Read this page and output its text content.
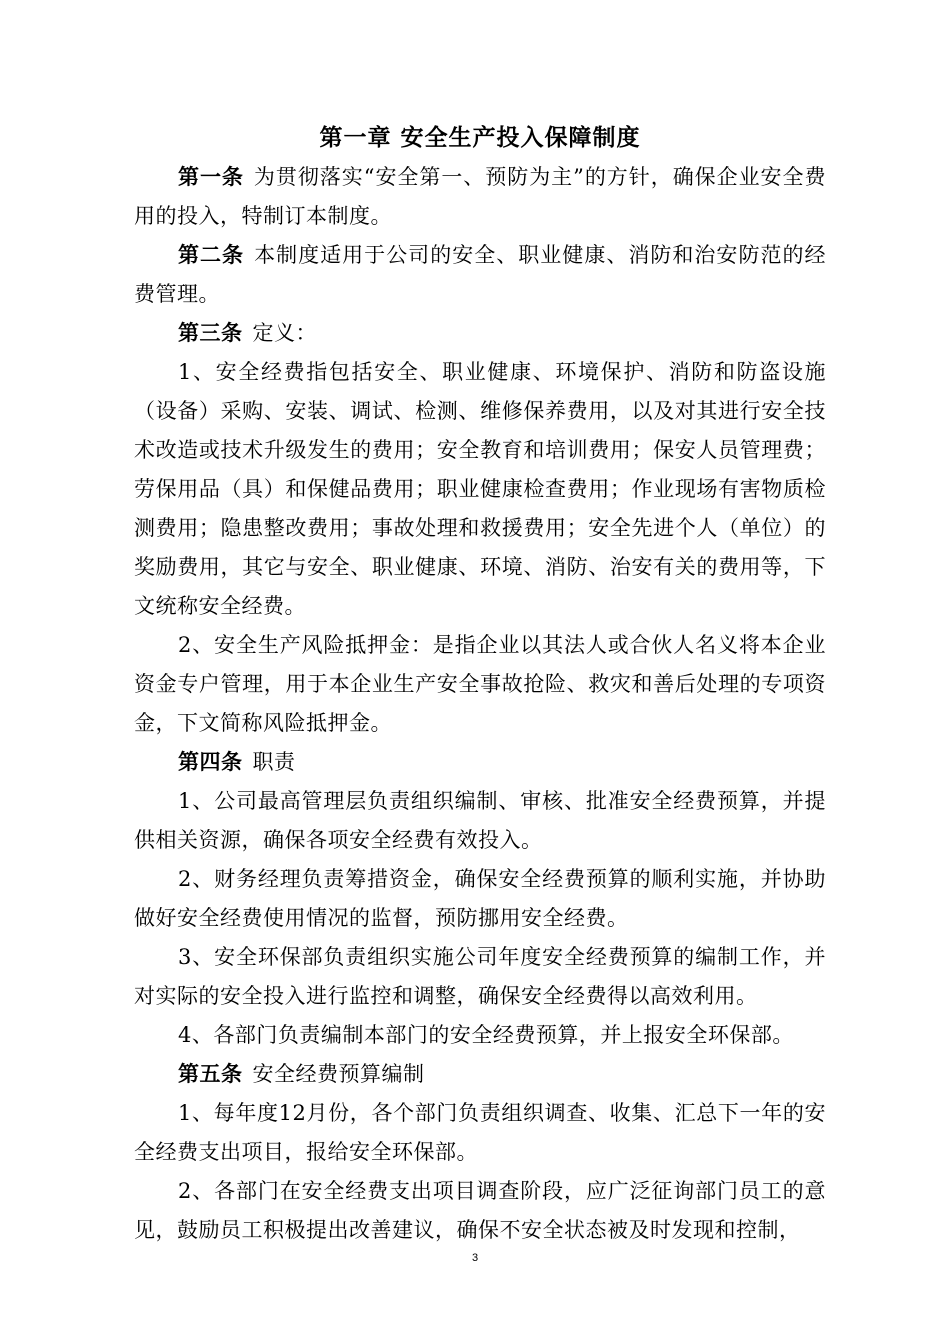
第一章 安全生产投入保障制度

第一条 为贯彻落实“安全第一、预防为主”的方针，确保企业安全费用的投入，特制订本制度。

第二条 本制度适用于公司的安全、职业健康、消防和治安防范的经费管理。

第三条 定义：

1、安全经费指包括安全、职业健康、环境保护、消防和防盗设施（设备）采购、安装、调试、检测、维修保养费用，以及对其进行安全技术改造或技术升级发生的费用；安全教育和培训费用；保安人员管理费；劳保用品（具）和保健品费用；职业健康检查费用；作业现场有害物质检测费用；隐患整改费用；事故处理和救援费用；安全先进个人（单位）的奖励费用，其它与安全、职业健康、环境、消防、治安有关的费用等，下文统称安全经费。

2、安全生产风险抵押金：是指企业以其法人或合伙人名义将本企业资金专户管理，用于本企业生产安全事故抢险、救灾和善后处理的专项资金，下文简称风险抵押金。

第四条 职责

1、公司最高管理层负责组织编制、审核、批准安全经费预算，并提供相关资源，确保各项安全经费有效投入。

2、财务经理负责筹措资金，确保安全经费预算的顺利实施，并协助做好安全经费使用情况的监督，预防挪用安全经费。

3、安全环保部负责组织实施公司年度安全经费预算的编制工作，并对实际的安全投入进行监控和调整，确保安全经费得以高效利用。

4、各部门负责编制本部门的安全经费预算，并上报安全环保部。

第五条 安全经费预算编制

1、每年度12月份，各个部门负责组织调查、收集、汇总下一年的安全经费支出项目，报给安全环保部。

2、各部门在安全经费支出项目调查阶段，应广泛征询部门员工的意见，鼓励员工积极提出改善建议，确保不安全状态被及时发现和控制，

3
